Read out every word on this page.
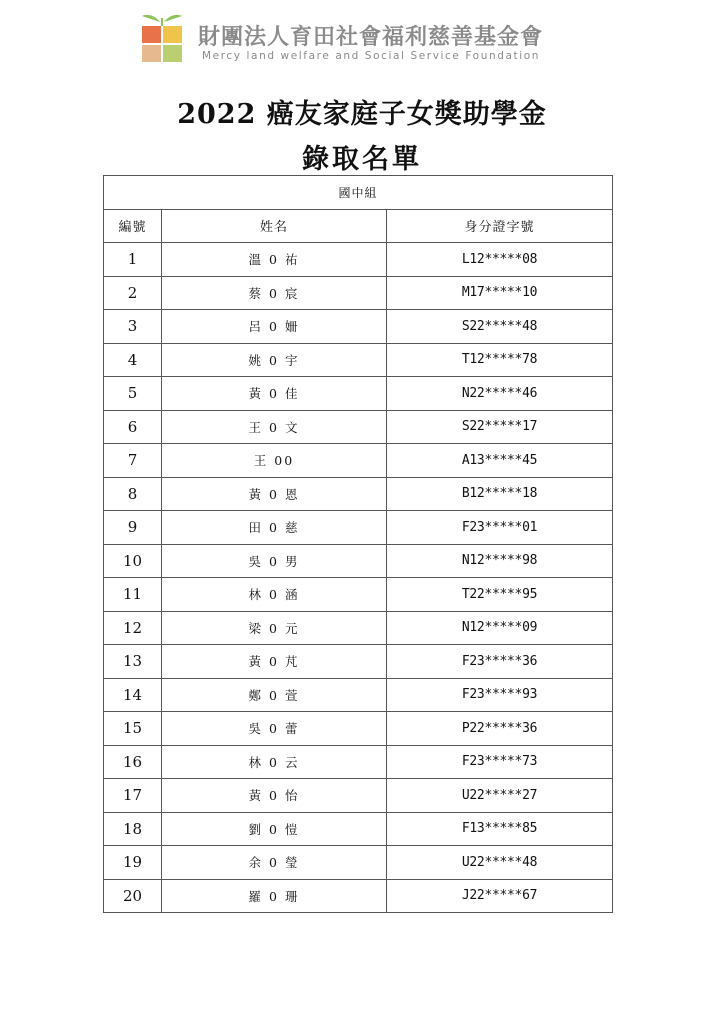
財團法人育田社會福利慈善基金會
Mercy land welfare and Social Service Foundation
2022 癌友家庭子女獎助學金
錄取名單
國中組		
編號	姓名	身分證字號
1	溫 0 祐	L12*****08
2	蔡 0 宸	M17*****10
3	呂 0 姍	S22*****48
4	姚 0 宇	T12*****78
5	黃 0 佳	N22*****46
6	王 0 文	S22*****17
7	王 00	A13*****45
8	黃 0 恩	B12*****18
9	田 0 慈	F23*****01
10	吳 0 男	N12*****98
11	林 0 涵	T22*****95
12	梁 0 元	N12*****09
13	黃 0 芃	F23*****36
14	鄭 0 萱	F23*****93
15	吳 0 蕾	P22*****36
16	林 0 云	F23*****73
17	黃 0 怡	U22*****27
18	劉 0 愷	F13*****85
19	余 0 瑩	U22*****48
20	羅 0 珊	J22*****67
